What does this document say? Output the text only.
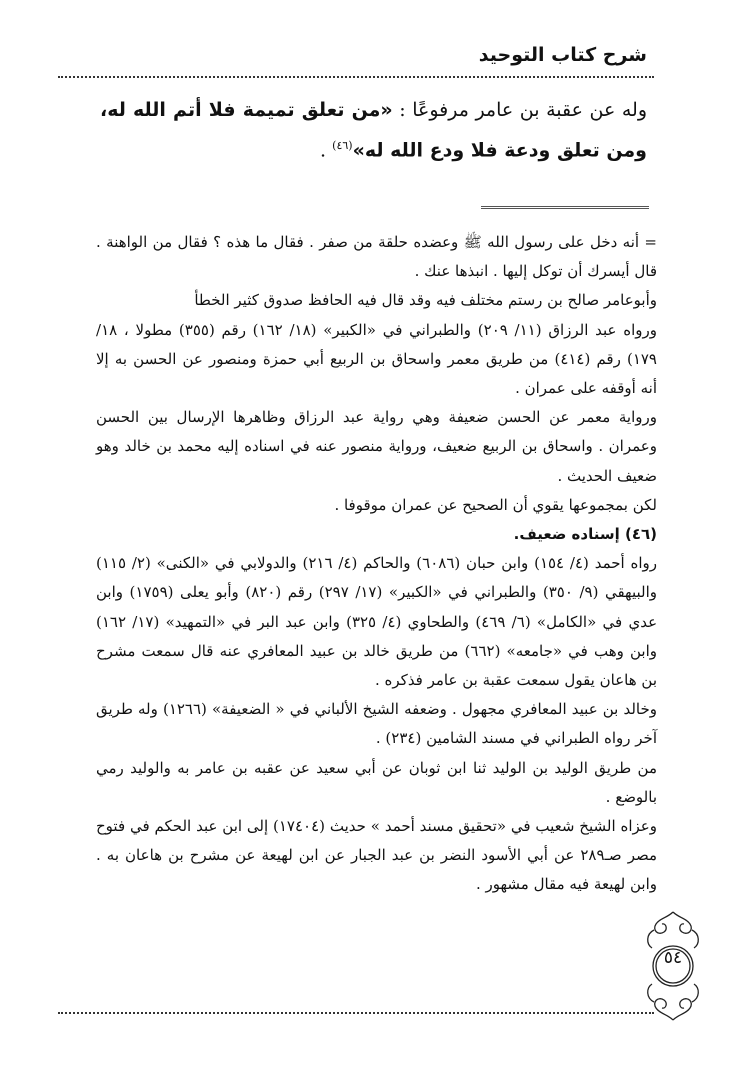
شرح كتاب التوحيد
وله عن عقبة بن عامر مرفوعًا : «من تعلق تميمة فلا أتم الله له، ومن تعلق ودعة فلا ودع الله له»$^{(٤٦)}$ .

= أنه دخل على رسول الله ﷺ وعضده حلقة من صفر . فقال ما هذه ؟ فقال من الواهنة . قال أيسرك أن توكل إليها . انبذها عنك .

وأبوعامر صالح بن رستم مختلف فيه وقد قال فيه الحافظ صدوق كثير الخطأ

ورواه عبد الرزاق (١١/ ٢٠٩) والطبراني في «الكبير» (١٨/ ١٦٢) رقم (٣٥٥) مطولا ، ١٨/ ١٧٩) رقم (٤١٤) من طريق معمر واسحاق بن الربيع أبي حمزة ومنصور عن الحسن به إلا أنه أوقفه على عمران .

ورواية معمر عن الحسن ضعيفة وهي رواية عبد الرزاق وظاهرها الإرسال بين الحسن وعمران . واسحاق بن الربيع ضعيف، ورواية منصور عنه في اسناده إليه محمد بن خالد وهو ضعيف الحديث .

لكن بمجموعها يقوي أن الصحيح عن عمران موقوفا .

(٤٦) إسناده ضعيف.

رواه أحمد (٤/ ١٥٤) وابن حبان (٦٠٨٦) والحاكم (٤/ ٢١٦) والدولابي في «الكنى» (٢/ ١١٥) والبيهقي (٩/ ٣٥٠) والطبراني في «الكبير» (١٧/ ٢٩٧) رقم (٨٢٠) وأبو يعلى (١٧٥٩) وابن عدي في «الكامل» (٦/ ٤٦٩) والطحاوي (٤/ ٣٢٥) وابن عبد البر في «التمهيد» (١٧/ ١٦٢) وابن وهب في «جامعه» (٦٦٢) من طريق خالد بن عبيد المعافري عنه قال سمعت مشرح بن هاعان يقول سمعت عقبة بن عامر فذكره .

وخالد بن عبيد المعافري مجهول . وضعفه الشيخ الألباني في « الضعيفة» (١٢٦٦) وله طريق آخر رواه الطبراني في مسند الشامين (٢٣٤) .

من طريق الوليد بن الوليد ثنا ابن ثوبان عن أبي سعيد عن عقبه بن عامر به والوليد رمي بالوضع .

وعزاه الشيخ شعيب في «تحقيق مسند أحمد » حديث (١٧٤٠٤) إلى ابن عبد الحكم في فتوح مصر صـ٢٨٩ عن أبي الأسود النضر بن عبد الجبار عن ابن لهيعة عن مشرح بن هاعان به . وابن لهيعة فيه مقال مشهور .

٥٤
